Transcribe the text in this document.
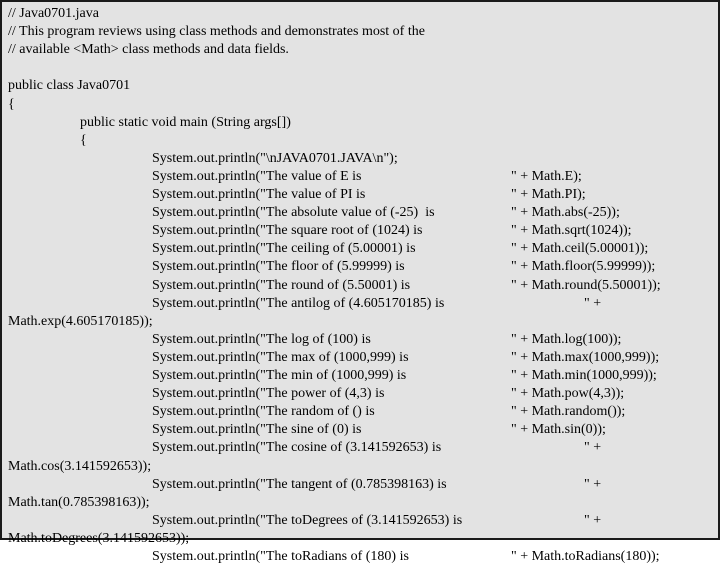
// Java0701.java
// This program reviews using class methods and demonstrates most of the
// available <Math> class methods and data fields.
public class Java0701
{
public static void main (String args[])
{
System.out.println("\nJAVA0701.JAVA\n");
System.out.println("The value of E is	" + Math.E);
System.out.println("The value of PI is	" + Math.PI);
System.out.println("The absolute value of (-25)  is	" + Math.abs(-25));
System.out.println("The square root of (1024) is	" + Math.sqrt(1024));
System.out.println("The ceiling of (5.00001) is	" + Math.ceil(5.00001));
System.out.println("The floor of (5.99999) is	" + Math.floor(5.99999));
System.out.println("The round of (5.50001) is	" + Math.round(5.50001));
System.out.println("The antilog of (4.605170185) is	" +
Math.exp(4.605170185));
System.out.println("The log of (100) is	" + Math.log(100));
System.out.println("The max of (1000,999) is	" + Math.max(1000,999));
System.out.println("The min of (1000,999) is	" + Math.min(1000,999));
System.out.println("The power of (4,3) is	" + Math.pow(4,3));
System.out.println("The random of () is	" + Math.random());
System.out.println("The sine of (0) is	" + Math.sin(0));
System.out.println("The cosine of (3.141592653) is	" +
Math.cos(3.141592653));
System.out.println("The tangent of (0.785398163) is	" +
Math.tan(0.785398163));
System.out.println("The toDegrees of (3.141592653) is	" +
Math.toDegrees(3.141592653));
System.out.println("The toRadians of (180) is	" + Math.toRadians(180));
